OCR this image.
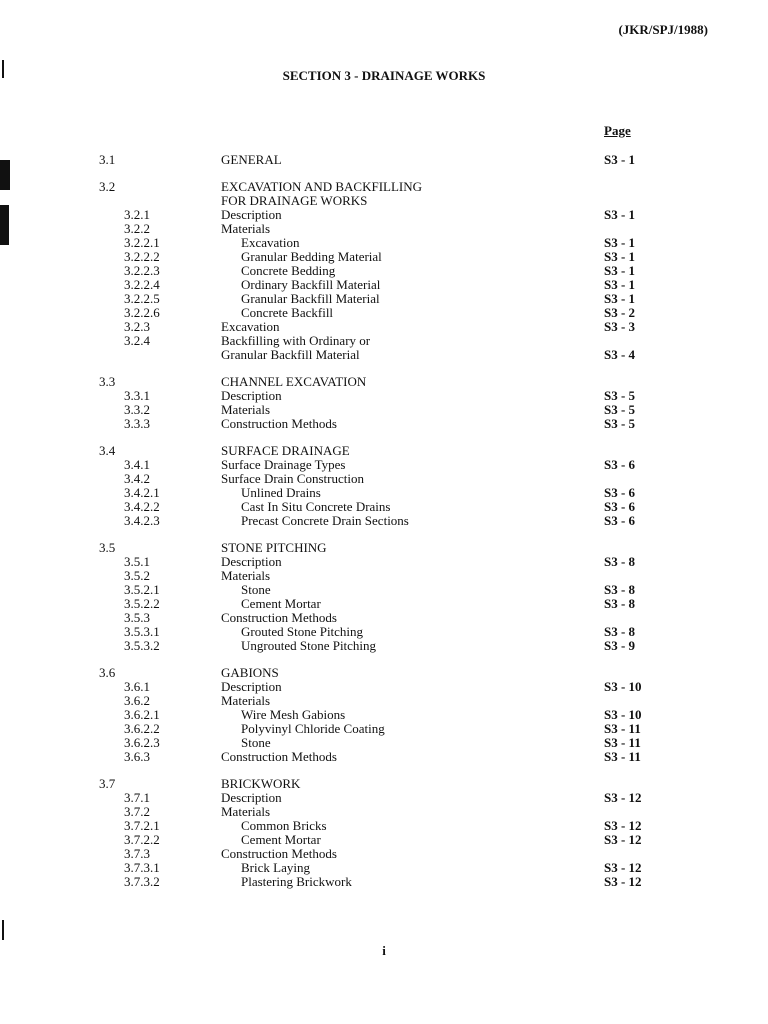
(JKR/SPJ/1988)
SECTION 3 - DRAINAGE WORKS
Page
3.1	GENERAL	S3 - 1
3.2	EXCAVATION AND BACKFILLING
FOR DRAINAGE WORKS
3.2.1	Description	S3 - 1
3.2.2	Materials
3.2.2.1	Excavation	S3 - 1
3.2.2.2	Granular Bedding Material	S3 - 1
3.2.2.3	Concrete Bedding	S3 - 1
3.2.2.4	Ordinary Backfill Material	S3 - 1
3.2.2.5	Granular Backfill Material	S3 - 1
3.2.2.6	Concrete Backfill	S3 - 2
3.2.3	Excavation	S3 - 3
3.2.4	Backfilling with Ordinary or
Granular Backfill Material	S3 - 4
3.3	CHANNEL EXCAVATION
3.3.1	Description	S3 - 5
3.3.2	Materials	S3 - 5
3.3.3	Construction Methods	S3 - 5
3.4	SURFACE DRAINAGE
3.4.1	Surface Drainage Types	S3 - 6
3.4.2	Surface Drain Construction
3.4.2.1	Unlined Drains	S3 - 6
3.4.2.2	Cast In Situ Concrete Drains	S3 - 6
3.4.2.3	Precast Concrete Drain Sections	S3 - 6
3.5	STONE PITCHING
3.5.1	Description	S3 - 8
3.5.2	Materials
3.5.2.1	Stone	S3 - 8
3.5.2.2	Cement Mortar	S3 - 8
3.5.3	Construction Methods
3.5.3.1	Grouted Stone Pitching	S3 - 8
3.5.3.2	Ungrouted Stone Pitching	S3 - 9
3.6	GABIONS
3.6.1	Description	S3 - 10
3.6.2	Materials
3.6.2.1	Wire Mesh Gabions	S3 - 10
3.6.2.2	Polyvinyl Chloride Coating	S3 - 11
3.6.2.3	Stone	S3 - 11
3.6.3	Construction Methods	S3 - 11
3.7	BRICKWORK
3.7.1	Description	S3 - 12
3.7.2	Materials
3.7.2.1	Common Bricks	S3 - 12
3.7.2.2	Cement Mortar	S3 - 12
3.7.3	Construction Methods
3.7.3.1	Brick Laying	S3 - 12
3.7.3.2	Plastering Brickwork	S3 - 12
i
